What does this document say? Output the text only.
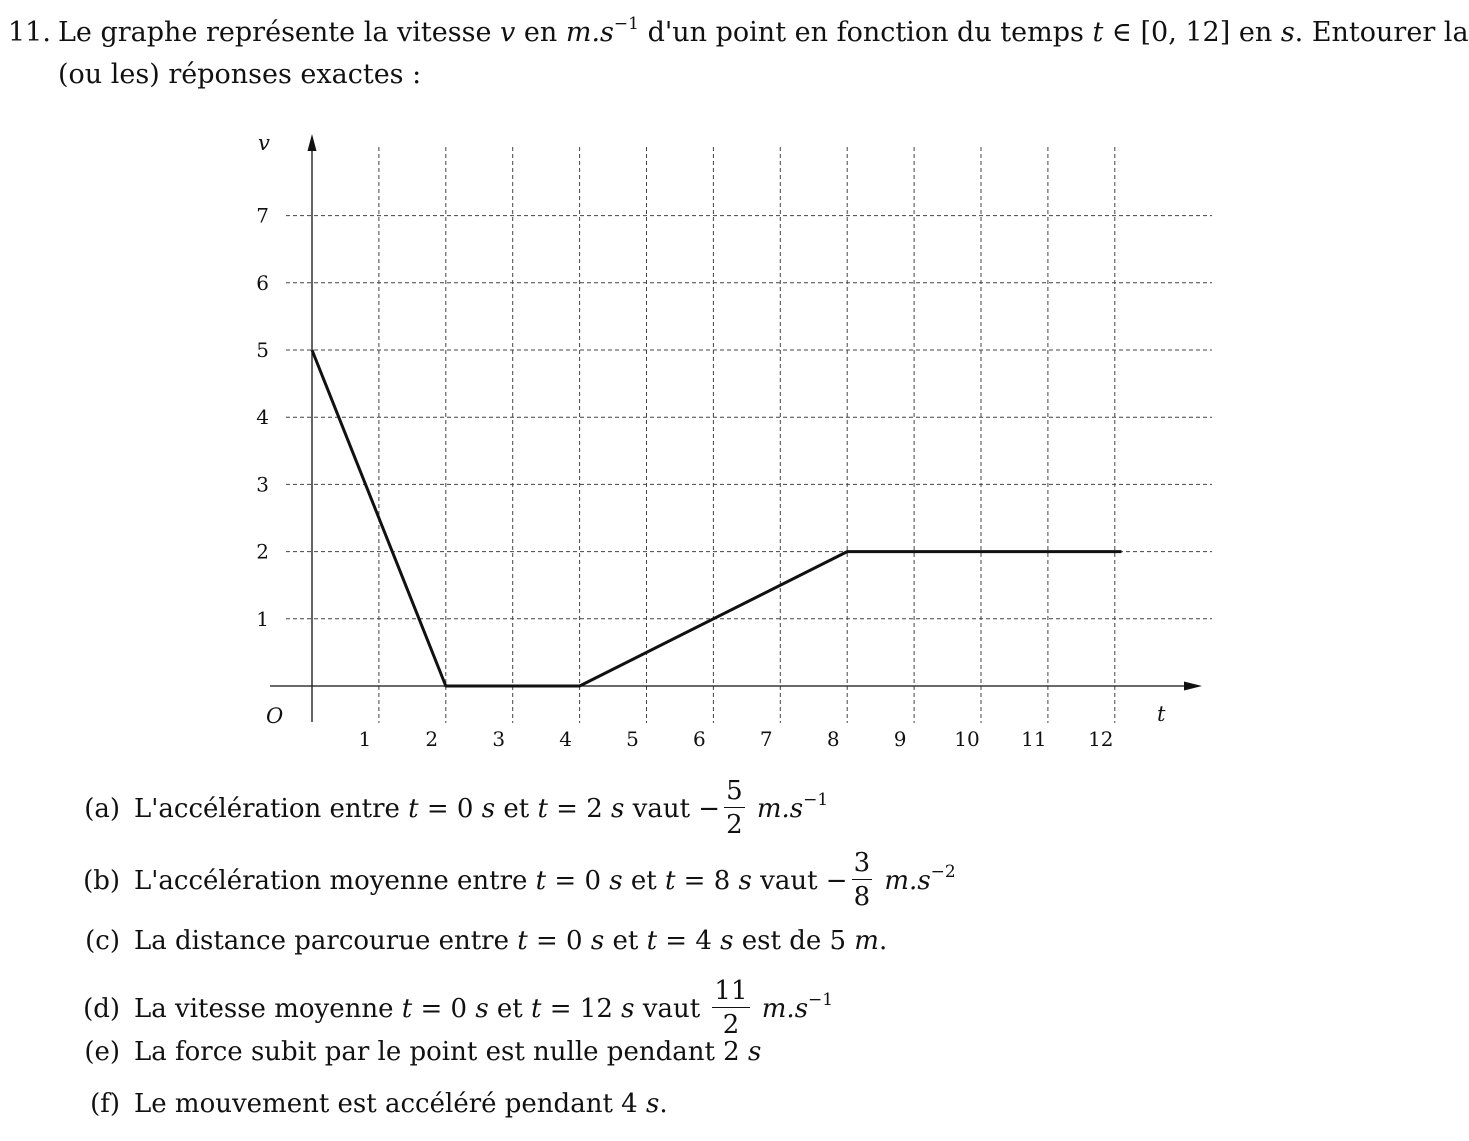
11. Le graphe représente la vitesse v en $m.s^{-1}$ d'un point en fonction du temps t ∈ [0, 12] en s. Entourer la
(ou les) réponses exactes :
v
t
O
1
2
3
4
5
6
7
1	2	3	4	5	6	7	8	9 10 11 12
(a) L'accélération entre t = 0 s et t = 2 s vaut − $\frac{5}{2} m.s^{-1}$
(b) L'accélération moyenne entre t = 0 s et t = 8 s vaut − $\frac{3}{8} m.s^{-2}$
(c) La distance parcourue entre t = 0 s et t = 4 s est de 5 m.
(d) La vitesse moyenne t = 0 s et t = 12 s vaut $\frac{11}{2} m.s^{-1}$
(e) La force subit par le point est nulle pendant 2 s
(f) Le mouvement est accéléré pendant 4 s.
